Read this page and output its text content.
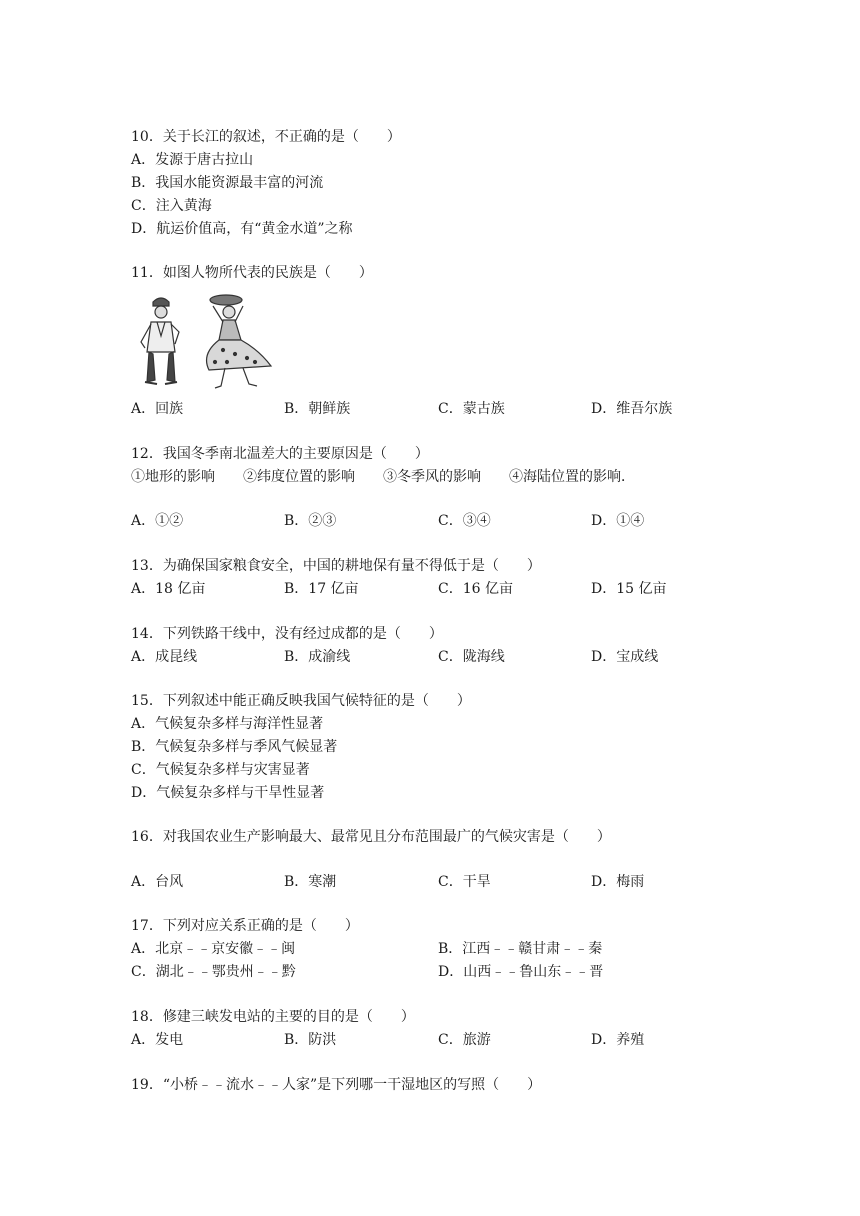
10．关于长江的叙述，不正确的是（　　）
A．发源于唐古拉山
B．我国水能资源最丰富的河流
C．注入黄海
D．航运价值高，有“黄金水道”之称
11．如图人物所代表的民族是（　　）
A．回族	B．朝鲜族	C．蒙古族	D．维吾尔族
12．我国冬季南北温差大的主要原因是（　　）
①地形的影响　　②纬度位置的影响　　③冬季风的影响　　④海陆位置的影响．
A．①②	B．②③	C．③④	D．①④
13．为确保国家粮食安全，中国的耕地保有量不得低于是（　　）
A．18 亿亩	B．17 亿亩	C．16 亿亩	D．15 亿亩
14．下列铁路干线中，没有经过成都的是（　　）
A．成昆线	B．成渝线	C．陇海线	D．宝成线
15．下列叙述中能正确反映我国气候特征的是（　　）
A．气候复杂多样与海洋性显著
B．气候复杂多样与季风气候显著
C．气候复杂多样与灾害显著
D．气候复杂多样与干旱性显著
16．对我国农业生产影响最大、最常见且分布范围最广的气候灾害是（　　）
A．台风	B．寒潮	C．干旱	D．梅雨
17．下列对应关系正确的是（　　）
A．北京﹣﹣京安徽﹣﹣闽	B．江西﹣﹣赣甘肃﹣﹣秦
C．湖北﹣﹣鄂贵州﹣﹣黔	D．山西﹣﹣鲁山东﹣﹣晋
18．修建三峡发电站的主要的目的是（　　）
A．发电	B．防洪	C．旅游	D．养殖
19．“小桥﹣﹣流水﹣﹣人家”是下列哪一干湿地区的写照（　　）
